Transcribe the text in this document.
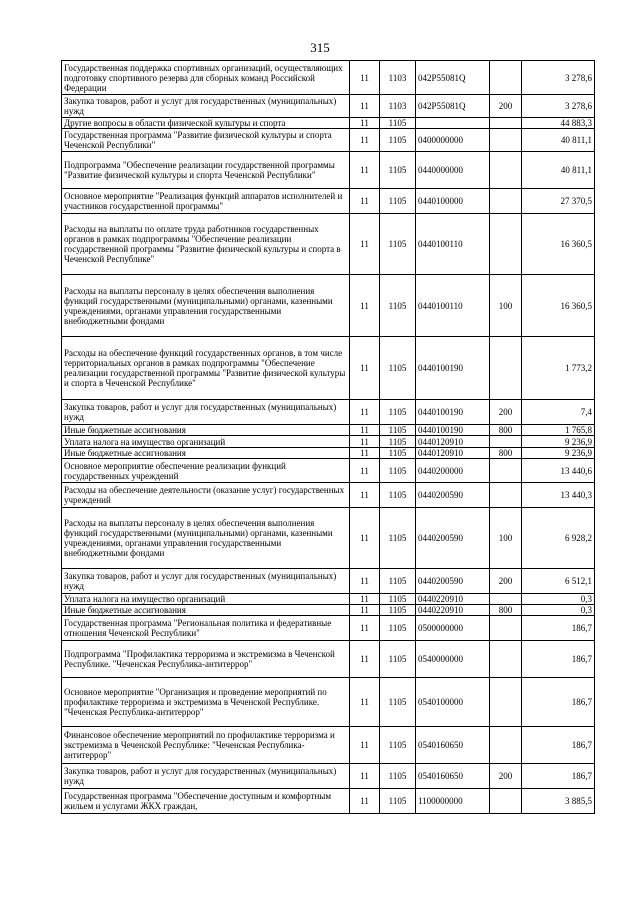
315
Государственная поддержка спортивных организаций, осуществляющих подготовку спортивного резерва для сборных команд Российской Федерации	11	1103	042P55081Q		3 278,6
Закупка товаров, работ и услуг для государственных (муниципальных) нужд	11	1103	042P55081Q	200	3 278,6
Другие вопросы в области физической культуры и спорта	11	1105			44 883,3
Государственная программа "Развитие физической культуры и спорта Чеченской Республики"	11	1105	0400000000		40 811,1
Подпрограмма "Обеспечение реализации государственной программы "Развитие физической культуры и спорта Чеченской Республики"	11	1105	0440000000		40 811,1
Основное мероприятие "Реализация функций аппаратов исполнителей и участников государственной программы"	11	1105	0440100000		27 370,5
Расходы на выплаты по оплате труда работников государственных органов в рамках подпрограммы "Обеспечение реализации государственной программы "Развитие физической культуры и спорта в Чеченской Республике"	11	1105	0440100110		16 360,5
Расходы на выплаты персоналу в целях обеспечения выполнения функций государственными (муниципальными) органами, казенными учреждениями, органами управления государственными внебюджетными фондами	11	1105	0440100110	100	16 360,5
Расходы на обеспечение функций государственных органов, в том числе территориальных органов в рамках подпрограммы "Обеспечение реализации государственной программы "Развитие физической культуры и спорта в Чеченской Республике"	11	1105	0440100190		1 773,2
Закупка товаров, работ и услуг для государственных (муниципальных) нужд	11	1105	0440100190	200	7,4
Иные бюджетные ассигнования	11	1105	0440100190	800	1 765,8
Уплата налога на имущество организаций	11	1105	0440120910		9 236,9
Иные бюджетные ассигнования	11	1105	0440120910	800	9 236,9
Основное мероприятие обеспечение реализации функций государственных учреждений	11	1105	0440200000		13 440,6
Расходы на обеспечение деятельности (оказание услуг) государственных учреждений	11	1105	0440200590		13 440,3
Расходы на выплаты персоналу в целях обеспечения выполнения функций государственными (муниципальными) органами, казенными учреждениями, органами управления государственными внебюджетными фондами	11	1105	0440200590	100	6 928,2
Закупка товаров, работ и услуг для государственных (муниципальных) нужд	11	1105	0440200590	200	6 512,1
Уплата налога на имущество организаций	11	1105	0440220910		0,3
Иные бюджетные ассигнования	11	1105	0440220910	800	0,3
Государственная программа "Региональная политика и федеративные отношения Чеченской Республики"	11	1105	0500000000		186,7
Подпрограмма "Профилактика терроризма и экстремизма в Чеченской Республике. "Чеченская Республика-антитеррор"	11	1105	0540000000		186,7
Основное мероприятие "Организация и проведение мероприятий по профилактике терроризма и экстремизма в Чеченской Республике. "Чеченская Республика-антитеррор"	11	1105	0540100000		186,7
Финансовое обеспечение мероприятий по профилактике терроризма и экстремизма в Чеченской Республике: "Чеченская Республика-антитеррор"	11	1105	0540160650		186,7
Закупка товаров, работ и услуг для государственных (муниципальных) нужд	11	1105	0540160650	200	186,7
Государственная программа "Обеспечение доступным и комфортным жильем и услугами ЖКХ граждан,	11	1105	1100000000		3 885,5
